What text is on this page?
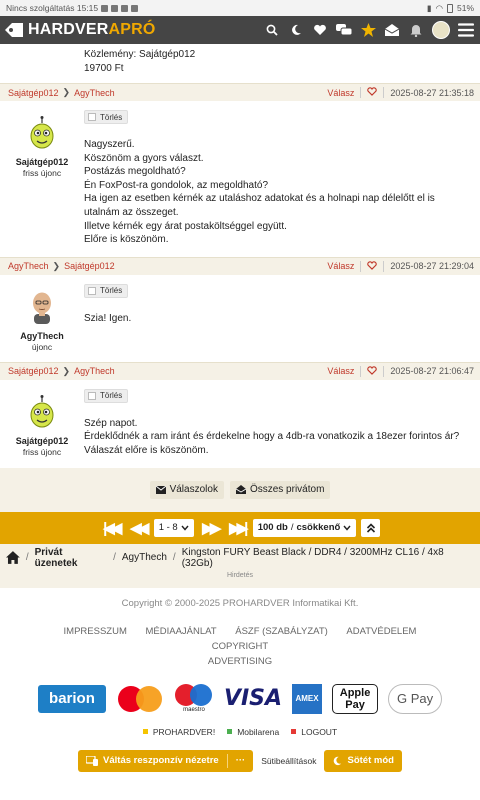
Nincs szolgáltatás 15:15	▮ ◠ 51%
HARDVER APRÓ

Közlemény: Sajátgép012

19700 Ft

Sajátgép012 ❯ AgyThech	Válasz	2025-08-27 21:35:18
Sajátgép012
friss újonc
Törlés

Nagyszerű.

Köszönöm a gyors választ.

Postázás megoldható?

Én FoxPost-ra gondolok, az megoldható?

Ha igen az esetben kérnék az utaláshoz adatokat és a holnapi nap délelőtt el is utalnám az összeget.

Illetve kérnék egy árat postaköltséggel együtt.

Előre is köszönöm.

AgyThech ❯ Sajátgép012	Válasz	2025-08-27 21:29:04
AgyThech
újonc
Törlés

Szia! Igen.

Sajátgép012 ❯ AgyThech	Válasz	2025-08-27 21:06:47
Sajátgép012
friss újonc
Törlés

Szép napot.

Érdeklődnék a ram iránt és érdekelne hogy a 4db-ra vonatkozik a 18ezer forintos ár?

Válaszát előre is köszönöm.

Válaszolok	Összes privátom
|◀◀ ◀◀	1 - 8 ▶▶ ▶▶|	100 db / csökkenő
/ Privát üzenetek	/ AgyThech / Kingston FURY Beast Black / DDR4 / 3200MHz CL16 / 4x8 (32Gb)
Hirdetés
Copyright © 2000-2025 PROHARDVER Informatikai Kft.
IMPRESSZUM MÉDIAAJÁNLAT ÁSZF (SZABÁLYZAT) ADATVÉDELEM COPYRIGHT
ADVERTISING
barion
maestro VISA	AMEX	Apple Pay	G Pay
PROHARDVER!	Mobilarena	LOGOUT
Váltás reszponzív nézetre ··· Sütibeállítások	Sötét mód
